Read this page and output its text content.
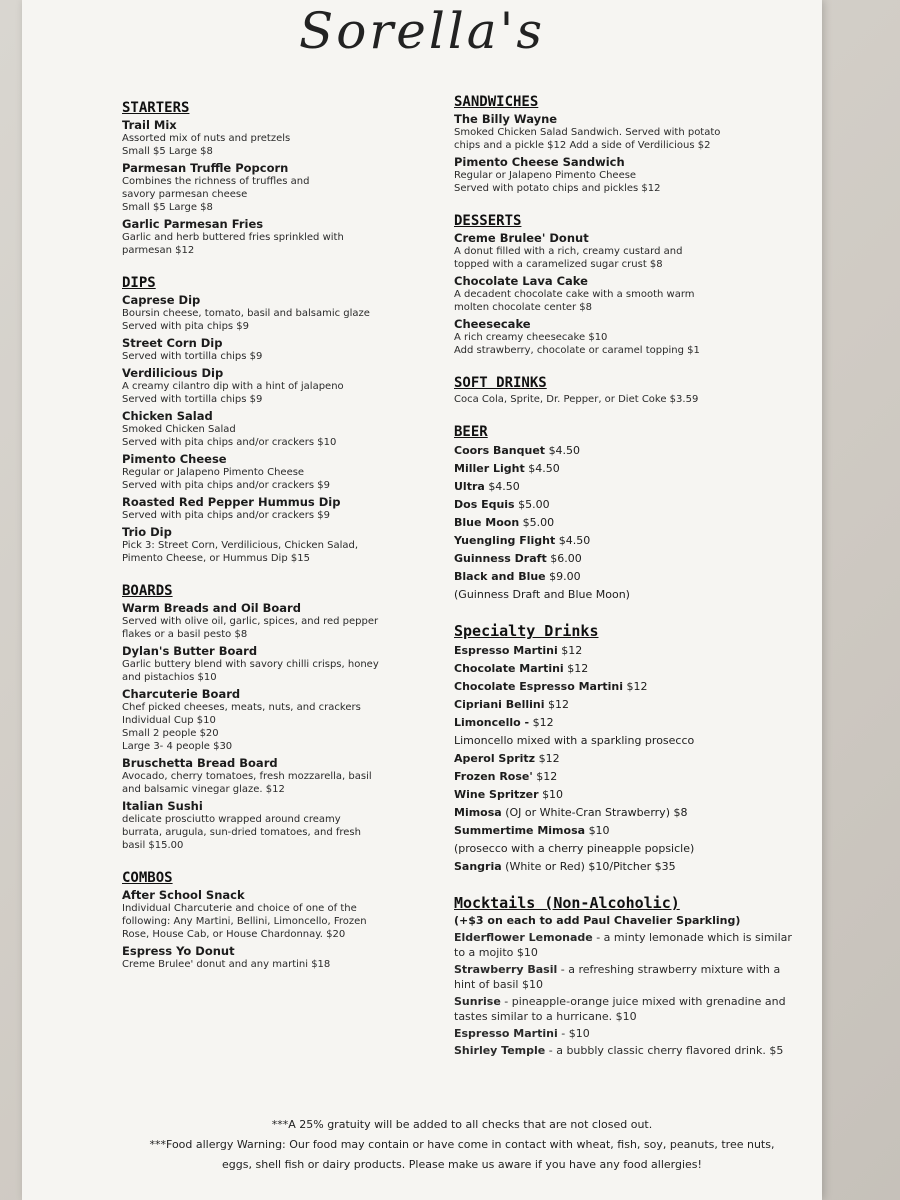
Sorella's
STARTERS
Trail Mix
Assorted mix of nuts and pretzels
Small $5 Large $8
Parmesan Truffle Popcorn
Combines the richness of truffles and
savory parmesan cheese
Small $5 Large $8
Garlic Parmesan Fries
Garlic and herb buttered fries sprinkled with
parmesan $12
DIPS
Caprese Dip
Boursin cheese, tomato, basil and balsamic glaze
Served with pita chips $9
Street Corn Dip
Served with tortilla chips $9
Verdilicious Dip
A creamy cilantro dip with a hint of jalapeno
Served with tortilla chips $9
Chicken Salad
Smoked Chicken Salad
Served with pita chips and/or crackers $10
Pimento Cheese
Regular or Jalapeno Pimento Cheese
Served with pita chips and/or crackers $9
Roasted Red Pepper Hummus Dip
Served with pita chips and/or crackers $9
Trio Dip
Pick 3: Street Corn, Verdilicious, Chicken Salad,
Pimento Cheese, or Hummus Dip $15
BOARDS
Warm Breads and Oil Board
Served with olive oil, garlic, spices, and red pepper
flakes or a basil pesto $8
Dylan's Butter Board
Garlic buttery blend with savory chilli crisps, honey
and pistachios $10
Charcuterie Board
Chef picked cheeses, meats, nuts, and crackers
Individual Cup $10
Small 2 people $20
Large 3- 4 people $30
Bruschetta Bread Board
Avocado, cherry tomatoes, fresh mozzarella, basil
and balsamic vinegar glaze. $12
Italian Sushi
delicate prosciutto wrapped around creamy
burrata, arugula, sun-dried tomatoes, and fresh
basil $15.00
COMBOS
After School Snack
Individual Charcuterie and choice of one of the
following: Any Martini, Bellini, Limoncello, Frozen
Rose, House Cab, or House Chardonnay. $20
Espress Yo Donut
Creme Brulee' donut and any martini $18
SANDWICHES
The Billy Wayne
Smoked Chicken Salad Sandwich. Served with potato
chips and a pickle $12 Add a side of Verdilicious $2
Pimento Cheese Sandwich
Regular or Jalapeno Pimento Cheese
Served with potato chips and pickles $12
DESSERTS
Creme Brulee' Donut
A donut filled with a rich, creamy custard and
topped with a caramelized sugar crust $8
Chocolate Lava Cake
A decadent chocolate cake with a smooth warm
molten chocolate center $8
Cheesecake
A rich creamy cheesecake $10
Add strawberry, chocolate or caramel topping $1
SOFT DRINKS
Coca Cola, Sprite, Dr. Pepper, or Diet Coke $3.59
BEER
Coors Banquet $4.50
Miller Light $4.50
Ultra $4.50
Dos Equis $5.00
Blue Moon $5.00
Yuengling Flight $4.50
Guinness Draft $6.00
Black and Blue $9.00
(Guinness Draft and Blue Moon)
Specialty Drinks
Espresso Martini $12
Chocolate Martini $12
Chocolate Espresso Martini $12
Cipriani Bellini $12
Limoncello - $12
Limoncello mixed with a sparkling prosecco
Aperol Spritz $12
Frozen Rose' $12
Wine Spritzer $10
Mimosa (OJ or White-Cran Strawberry) $8
Summertime Mimosa $10
(prosecco with a cherry pineapple popsicle)
Sangria (White or Red) $10/Pitcher $35
Mocktails (Non-Alcoholic)
(+$3 on each to add Paul Chavelier Sparkling)
Elderflower Lemonade - a minty lemonade which is similar to a mojito $10
Strawberry Basil - a refreshing strawberry mixture with a hint of basil $10
Sunrise - pineapple-orange juice mixed with grenadine and tastes similar to a hurricane. $10
Espresso Martini - $10
Shirley Temple - a bubbly classic cherry flavored drink. $5
***A 25% gratuity will be added to all checks that are not closed out.
***Food allergy Warning: Our food may contain or have come in contact with wheat, fish, soy, peanuts, tree nuts,
eggs, shell fish or dairy products. Please make us aware if you have any food allergies!
